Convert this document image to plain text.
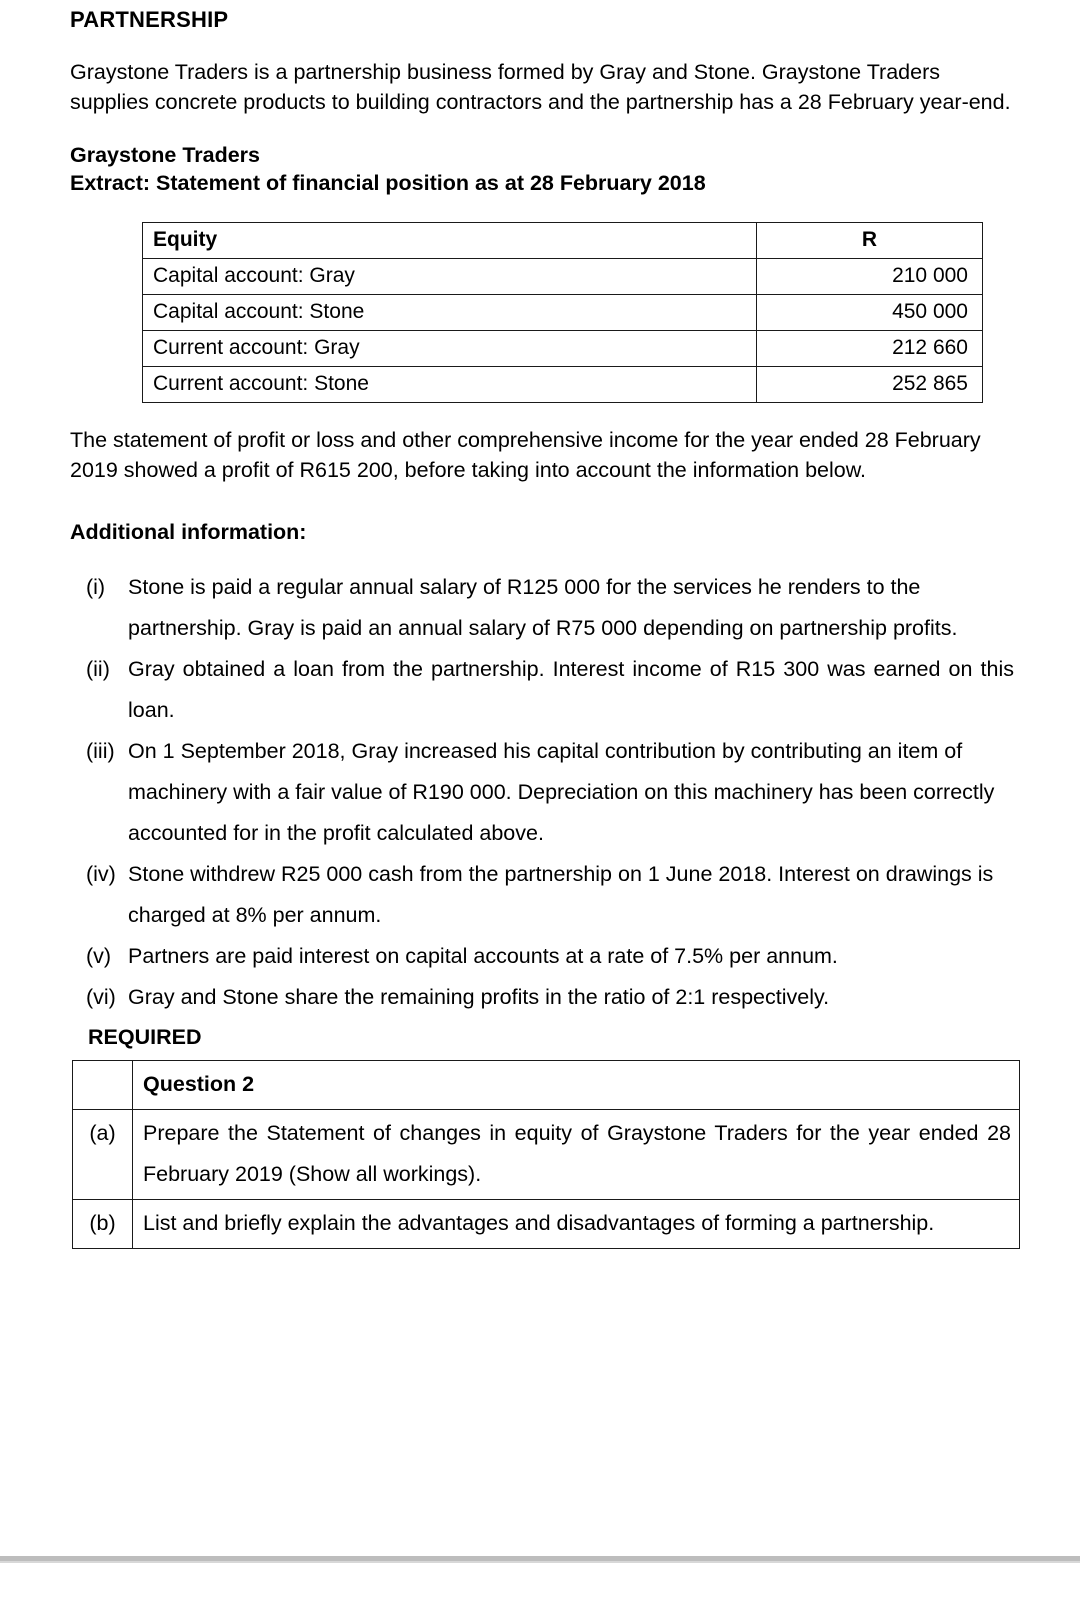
PARTNERSHIP

Graystone Traders is a partnership business formed by Gray and Stone. Graystone Traders supplies concrete products to building contractors and the partnership has a 28 February year-end.

Graystone Traders
Extract: Statement of financial position as at 28 February 2018
Equity	R
Capital account: Gray	210 000
Capital account: Stone	450 000
Current account: Gray	212 660
Current account: Stone	252 865

The statement of profit or loss and other comprehensive income for the year ended 28 February 2019 showed a profit of R615 200, before taking into account the information below.

Additional information:
(i)	Stone is paid a regular annual salary of R125 000 for the services he renders to the partnership. Gray is paid an annual salary of R75 000 depending on partnership profits.
(ii) Gray obtained a loan from the partnership. Interest income of R15 300 was earned on this loan.
(iii) On 1 September 2018, Gray increased his capital contribution by contributing an item of machinery with a fair value of R190 000. Depreciation on this machinery has been correctly accounted for in the profit calculated above.
(iv) Stone withdrew R25 000 cash from the partnership on 1 June 2018. Interest on drawings is charged at 8% per annum.
(v) Partners are paid interest on capital accounts at a rate of 7.5% per annum.
(vi) Gray and Stone share the remaining profits in the ratio of 2:1 respectively.
REQUIRED
	Question 2
(a)	Prepare the Statement of changes in equity of Graystone Traders for the year ended 28 February 2019 (Show all workings).
(b)	List and briefly explain the advantages and disadvantages of forming a partnership.
